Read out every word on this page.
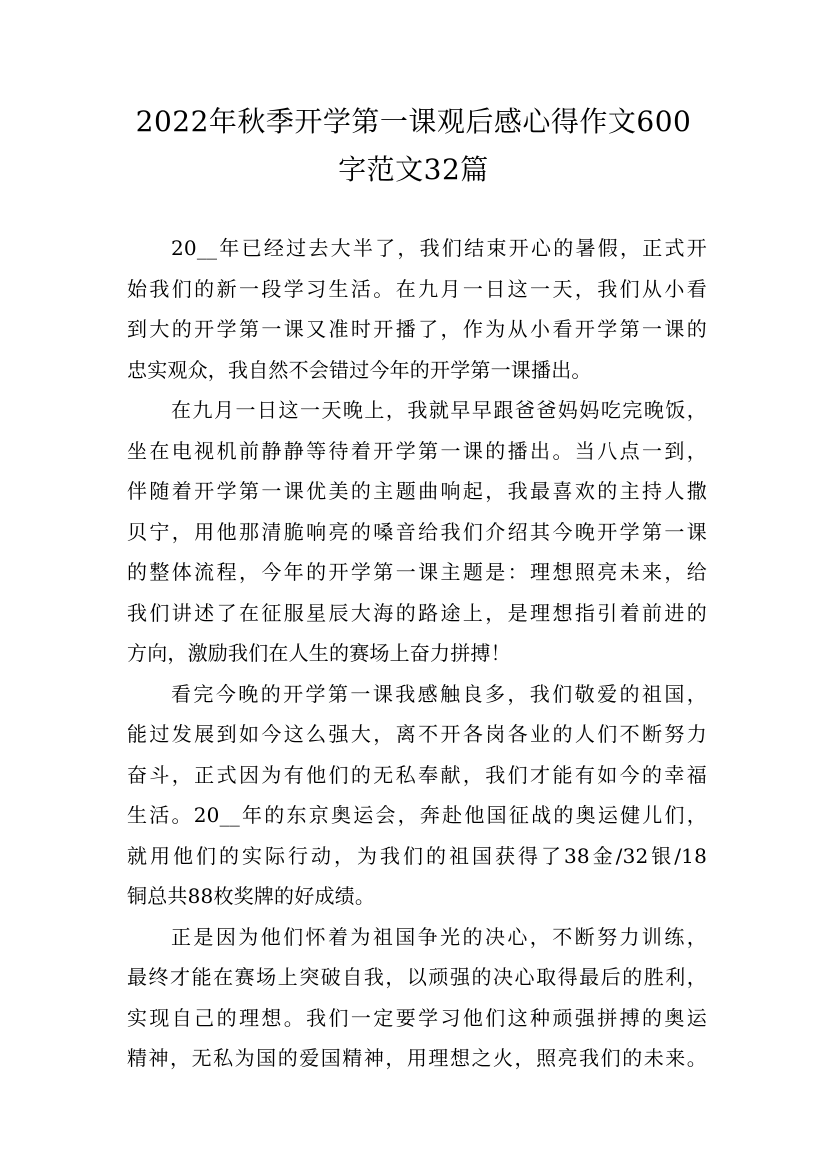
2022年秋季开学第一课观后感心得作文600
字范文32篇
20__年已经过去大半了，我们结束开心的暑假，正式开
始我们的新一段学习生活。在九月一日这一天，我们从小看
到大的开学第一课又准时开播了，作为从小看开学第一课的
忠实观众，我自然不会错过今年的开学第一课播出。
在九月一日这一天晚上，我就早早跟爸爸妈妈吃完晚饭，
坐在电视机前静静等待着开学第一课的播出。当八点一到，
伴随着开学第一课优美的主题曲响起，我最喜欢的主持人撒
贝宁，用他那清脆响亮的嗓音给我们介绍其今晚开学第一课
的整体流程，今年的开学第一课主题是：理想照亮未来，给
我们讲述了在征服星辰大海的路途上，是理想指引着前进的
方向，激励我们在人生的赛场上奋力拼搏！
看完今晚的开学第一课我感触良多，我们敬爱的祖国，
能过发展到如今这么强大，离不开各岗各业的人们不断努力
奋斗，正式因为有他们的无私奉献，我们才能有如今的幸福
生活。20__年的东京奥运会，奔赴他国征战的奥运健儿们，
就用他们的实际行动，为我们的祖国获得了38金/32银/18
铜总共88枚奖牌的好成绩。
正是因为他们怀着为祖国争光的决心，不断努力训练，
最终才能在赛场上突破自我，以顽强的决心取得最后的胜利，
实现自己的理想。我们一定要学习他们这种顽强拼搏的奥运
精神，无私为国的爱国精神，用理想之火，照亮我们的未来。
